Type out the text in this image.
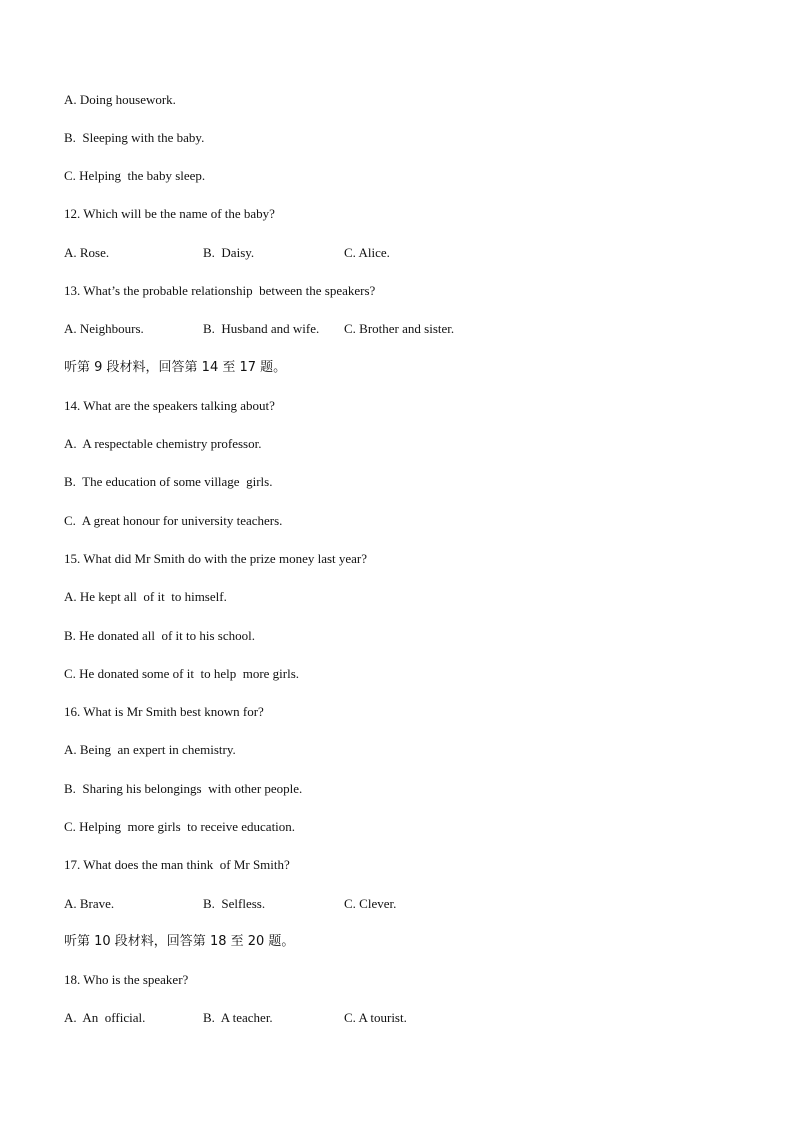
A. Doing housework.
B.  Sleeping with the baby.
C. Helping  the baby sleep.
12. Which will be the name of the baby?
A. Rose.	B.  Daisy.	C. Alice.
13. What’s the probable relationship  between the speakers?
A. Neighbours.	B.  Husband and wife. C. Brother and sister.
听第 9 段材料，回答第 14 至 17 题。
14. What are the speakers talking about?
A.  A respectable chemistry professor.
B.  The education of some village  girls.
C.  A great honour for university teachers.
15. What did Mr Smith do with the prize money last year?
A. He kept all  of it  to himself.
B. He donated all  of it to his school.
C. He donated some of it  to help  more girls.
16. What is Mr Smith best known for?
A. Being  an expert in chemistry.
B.  Sharing his belongings  with other people.
C. Helping  more girls  to receive education.
17. What does the man think  of Mr Smith?
A. Brave.	B.  Selfless.	C. Clever.
听第 10 段材料，回答第 18 至 20 题。
18. Who is the speaker?
A.  An  official.	B.  A teacher.	C. A tourist.
